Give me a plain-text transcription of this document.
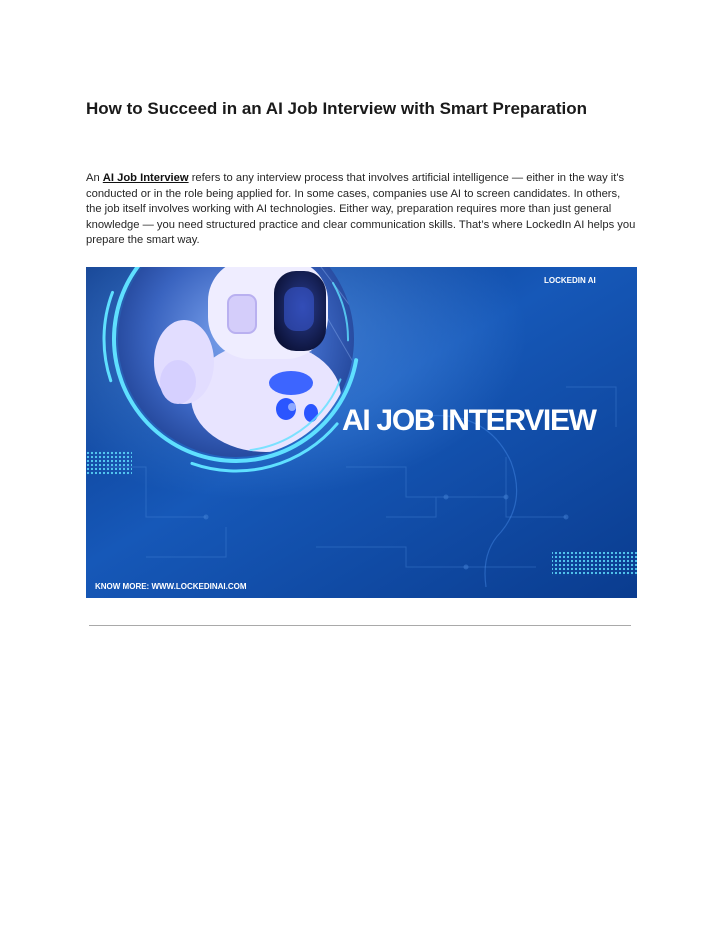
How to Succeed in an AI Job Interview with Smart Preparation

An AI Job Interview refers to any interview process that involves artificial intelligence — either in the way it's conducted or in the role being applied for. In some cases, companies use AI to screen candidates. In others, the job itself involves working with AI technologies. Either way, preparation requires more than just general knowledge — you need structured practice and clear communication skills. That’s where LockedIn AI helps you prepare the smart way.

LOCKEDIN AI
AI JOB INTERVIEW
KNOW MORE: WWW.LOCKEDINAI.COM
